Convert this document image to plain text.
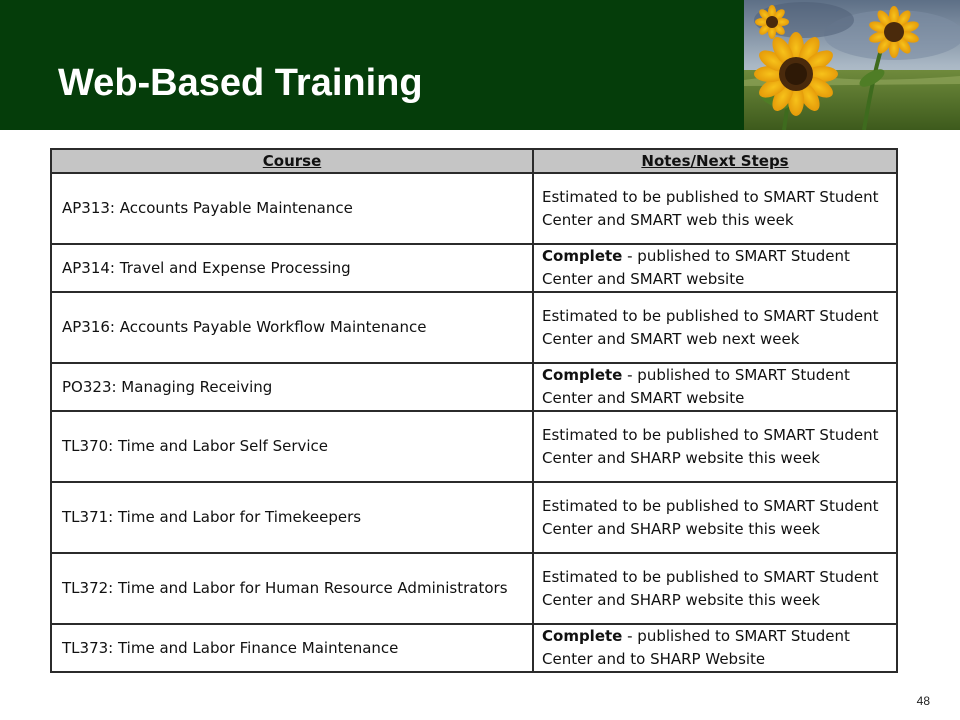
Web-Based Training
Course	Notes/Next Steps
AP313: Accounts Payable Maintenance	Estimated to be published to SMART Student Center and SMART web this week
AP314: Travel and Expense Processing	Complete - published to SMART Student Center and SMART website
AP316: Accounts Payable Workflow Maintenance	Estimated to be published to SMART Student Center and SMART web next week
PO323: Managing Receiving	Complete - published to SMART Student Center and SMART website
TL370: Time and Labor Self Service	Estimated to be published to SMART Student Center and SHARP website this week
TL371: Time and Labor for Timekeepers	Estimated to be published to SMART Student Center and SHARP website this week
TL372: Time and Labor for Human Resource Administrators	Estimated to be published to SMART Student Center and SHARP website this week
TL373: Time and Labor Finance Maintenance	Complete - published to SMART Student Center and to SHARP Website
48
